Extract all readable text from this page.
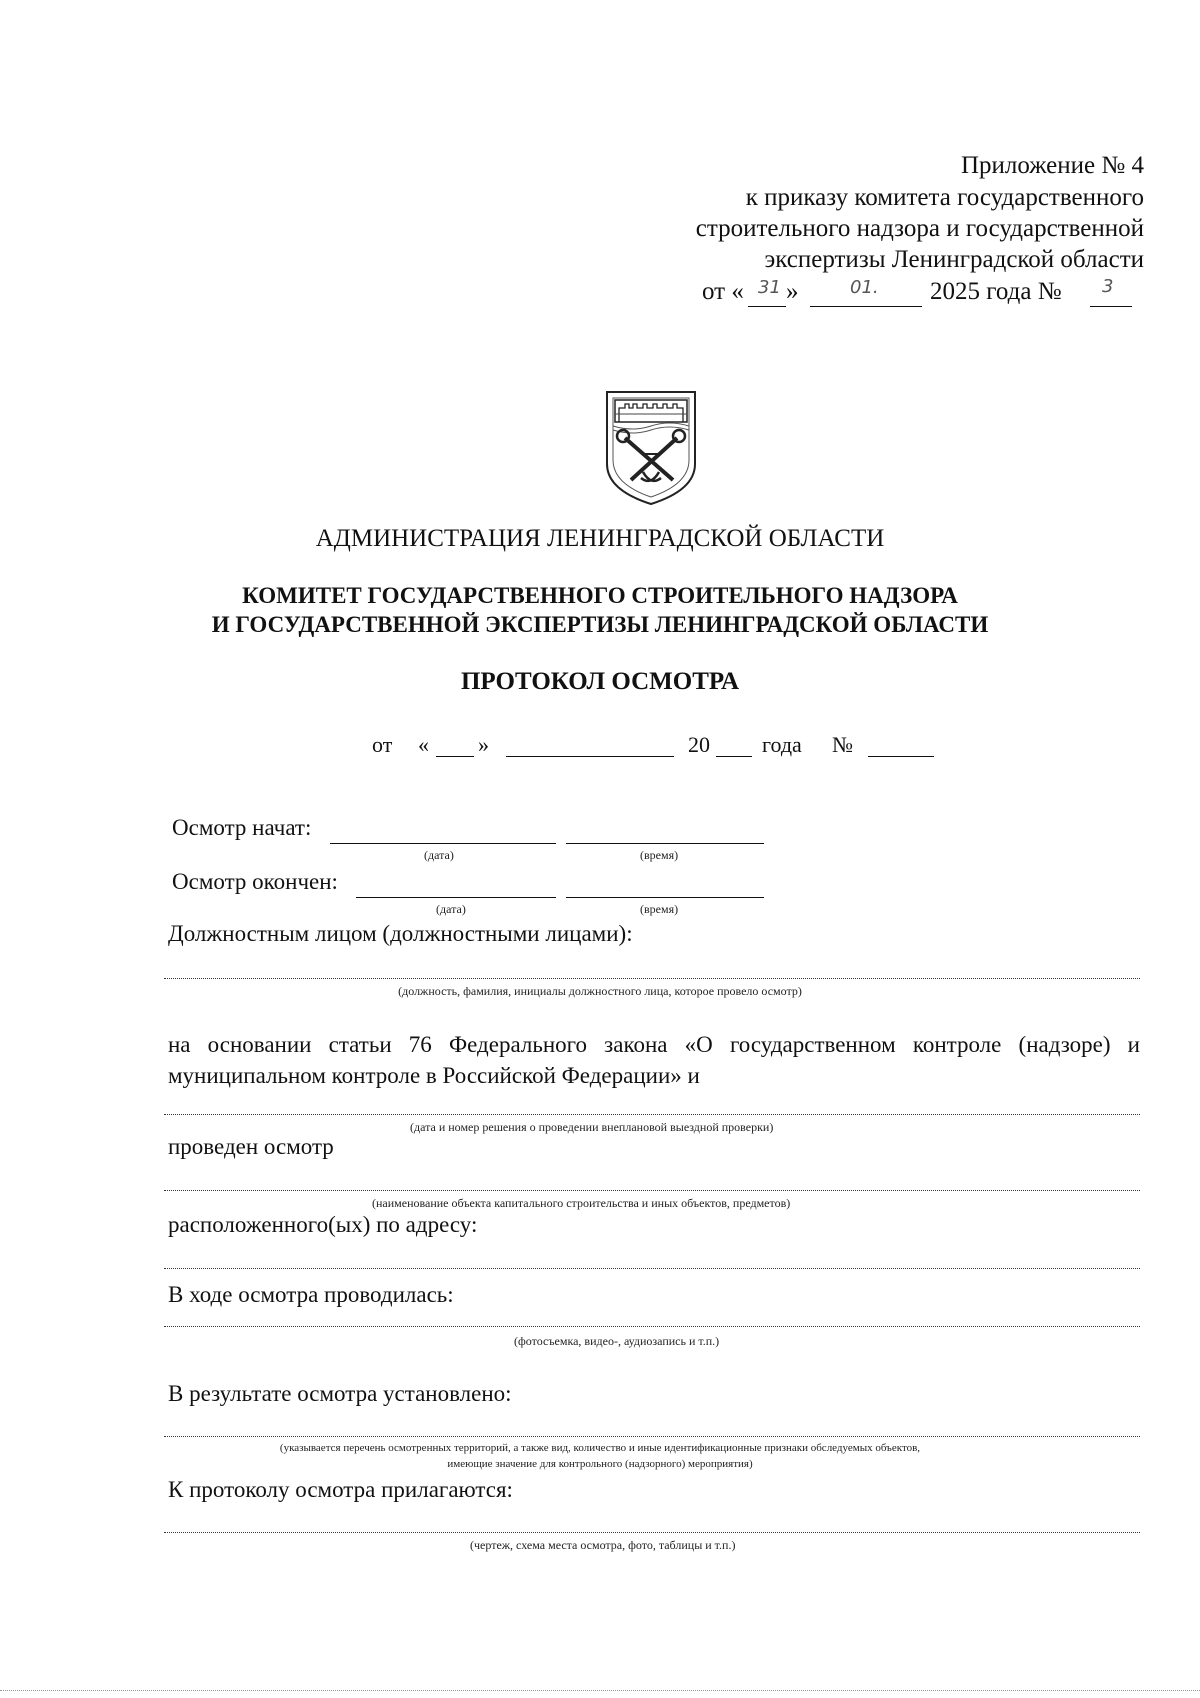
Приложение № 4
к приказу комитета государственного
строительного надзора и государственной
экспертизы Ленинградской области
от « 31 »	01. 2025 года № 3
АДМИНИСТРАЦИЯ ЛЕНИНГРАДСКОЙ ОБЛАСТИ
КОМИТЕТ ГОСУДАРСТВЕННОГО СТРОИТЕЛЬНОГО НАДЗОРА
И ГОСУДАРСТВЕННОЙ ЭКСПЕРТИЗЫ ЛЕНИНГРАДСКОЙ ОБЛАСТИ
ПРОТОКОЛ ОСМОТРА
от « »	20 года №
Осмотр начат:
(дата)	(время)
Осмотр окончен:
(дата)	(время)
Должностным лицом (должностными лицами):
(должность, фамилия, инициалы должностного лица, которое провело осмотр)
на основании статьи 76 Федерального закона «О государственном контроле (надзоре) и
муниципальном контроле в Российской Федерации» и
(дата и номер решения о проведении внеплановой выездной проверки)
проведен осмотр
(наименование объекта капитального строительства и иных объектов, предметов)
расположенного(ых) по адресу:
В ходе осмотра проводилась:
(фотосъемка, видео-, аудиозапись и т.п.)
В результате осмотра установлено:
(указывается перечень осмотренных территорий, а также вид, количество и иные идентификационные признаки обследуемых объектов,
имеющие значение для контрольного (надзорного) мероприятия)
К протоколу осмотра прилагаются:
(чертеж, схема места осмотра, фото, таблицы и т.п.)
